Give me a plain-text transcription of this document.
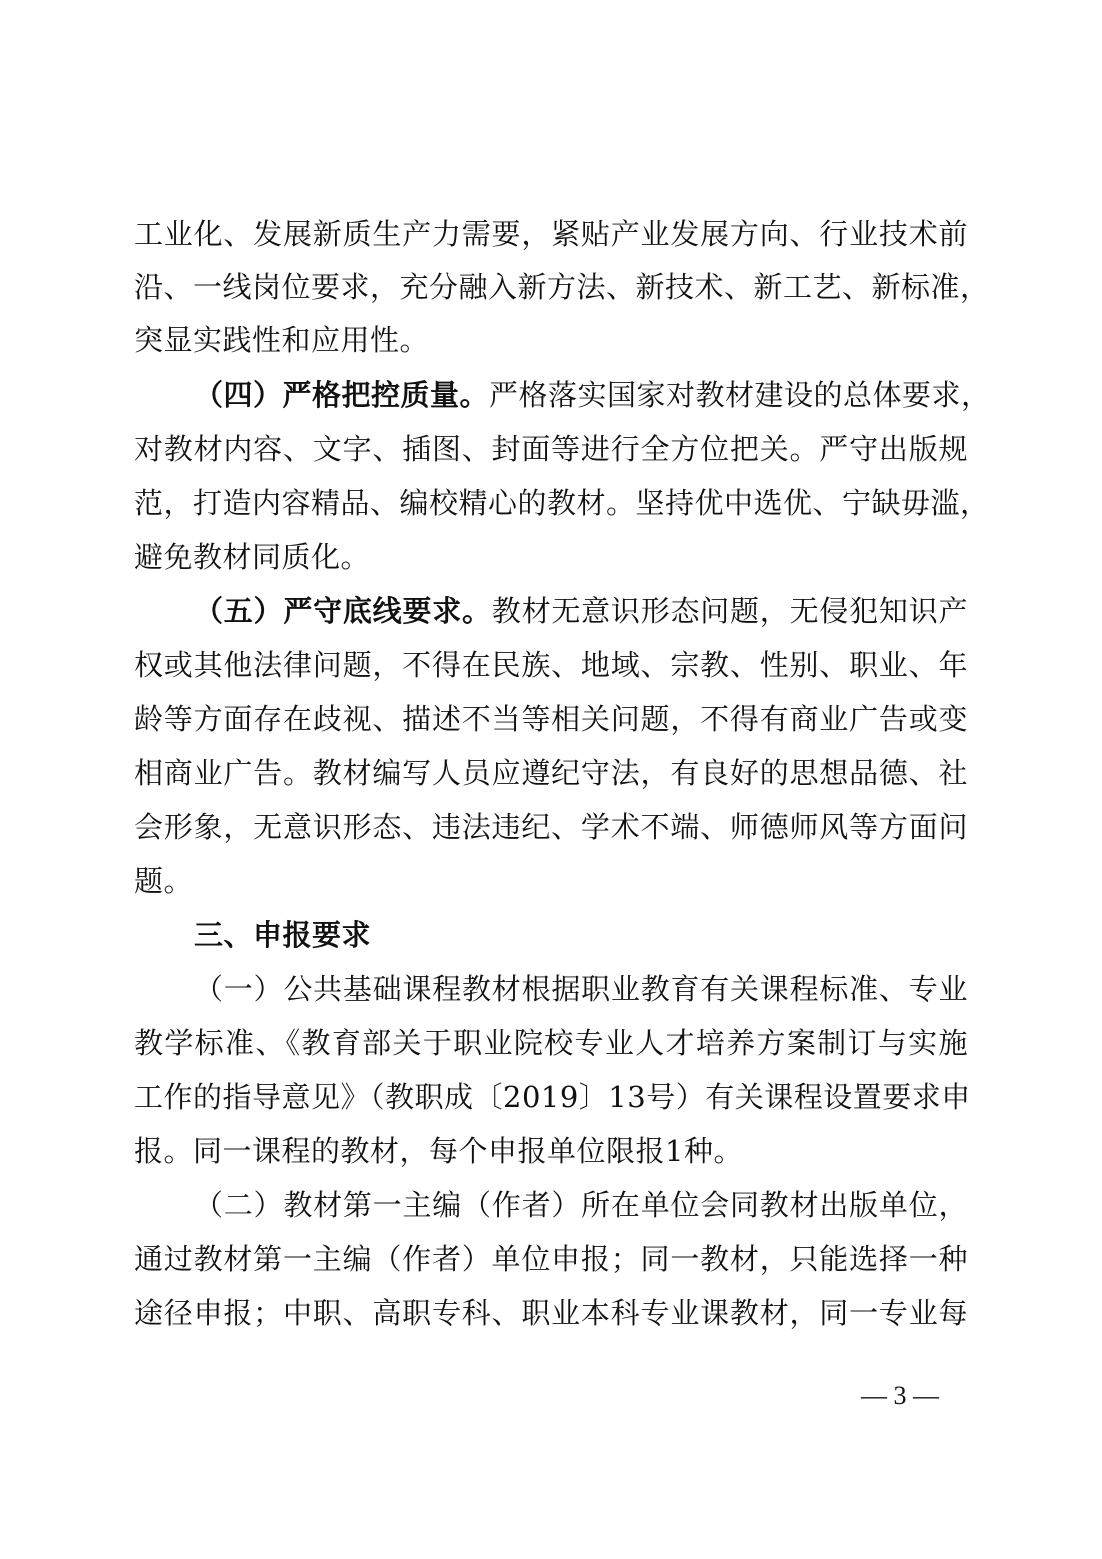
工业化、发展新质生产力需要，紧贴产业发展方向、行业技术前
沿、一线岗位要求，充分融入新方法、新技术、新工艺、新标准，
突显实践性和应用性。
（四）严格把控质量。严格落实国家对教材建设的总体要求，
对教材内容、文字、插图、封面等进行全方位把关。严守出版规
范，打造内容精品、编校精心的教材。坚持优中选优、宁缺毋滥，
避免教材同质化。
（五）严守底线要求。教材无意识形态问题，无侵犯知识产
权或其他法律问题，不得在民族、地域、宗教、性别、职业、年
龄等方面存在歧视、描述不当等相关问题，不得有商业广告或变
相商业广告。教材编写人员应遵纪守法，有良好的思想品德、社
会形象，无意识形态、违法违纪、学术不端、师德师风等方面问
题。
三、申报要求
（一）公共基础课程教材根据职业教育有关课程标准、专业
教学标准、《教育部关于职业院校专业人才培养方案制订与实施
工作的指导意见》（教职成〔2019〕13号）有关课程设置要求申
报。同一课程的教材，每个申报单位限报1种。
（二）教材第一主编（作者）所在单位会同教材出版单位，
通过教材第一主编（作者）单位申报；同一教材，只能选择一种
途径申报；中职、高职专科、职业本科专业课教材，同一专业每
— 3 —
